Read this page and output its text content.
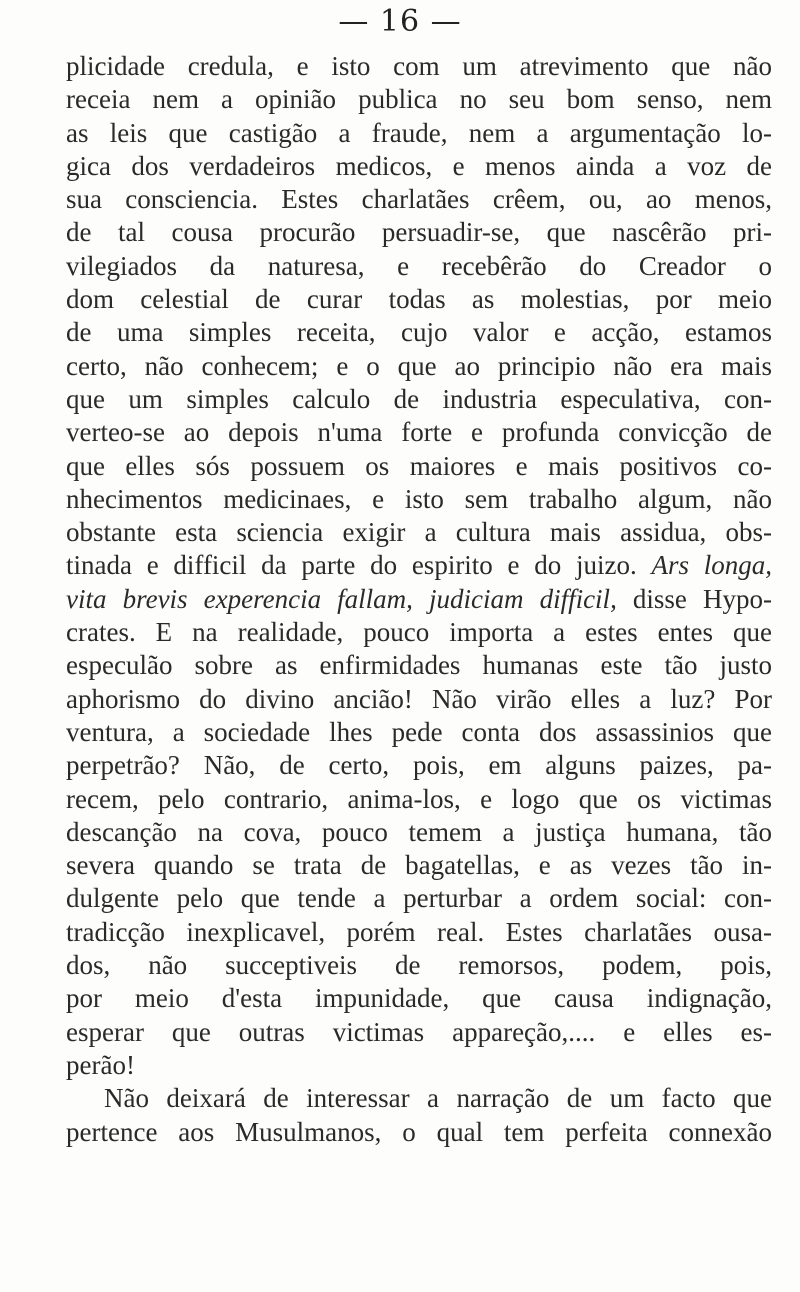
— 16 —
plicidade credula, e isto com um atrevimento que não
receia nem a opinião publica no seu bom senso, nem
as leis que castigão a fraude, nem a argumentação lo-
gica dos verdadeiros medicos, e menos ainda a voz de
sua consciencia. Estes charlatães crêem, ou, ao menos,
de tal cousa procurão persuadir-se, que nascêrão pri-
vilegiados da naturesa, e recebêrão do Creador o
dom celestial de curar todas as molestias, por meio
de uma simples receita, cujo valor e acção, estamos
certo, não conhecem; e o que ao principio não era mais
que um simples calculo de industria especulativa, con-
verteo-se ao depois n'uma forte e profunda convicção de
que elles sós possuem os maiores e mais positivos co-
nhecimentos medicinaes, e isto sem trabalho algum, não
obstante esta sciencia exigir a cultura mais assidua, obs-
tinada e difficil da parte do espirito e do juizo. Ars longa,
vita brevis experencia fallam, judiciam difficil, disse Hypo-
crates. E na realidade, pouco importa a estes entes que
especulão sobre as enfirmidades humanas este tão justo
aphorismo do divino ancião! Não virão elles a luz? Por
ventura, a sociedade lhes pede conta dos assassinios que
perpetrão? Não, de certo, pois, em alguns paizes, pa-
recem, pelo contrario, anima-los, e logo que os victimas
descanção na cova, pouco temem a justiça humana, tão
severa quando se trata de bagatellas, e as vezes tão in-
dulgente pelo que tende a perturbar a ordem social: con-
tradicção inexplicavel, porém real. Estes charlatães ousa-
dos, não succeptiveis de remorsos, podem, pois,
por meio d'esta impunidade, que causa indignação,
esperar que outras victimas appareção,.... e elles es-
perão!
Não deixará de interessar a narração de um facto que
pertence aos Musulmanos, o qual tem perfeita connexão
